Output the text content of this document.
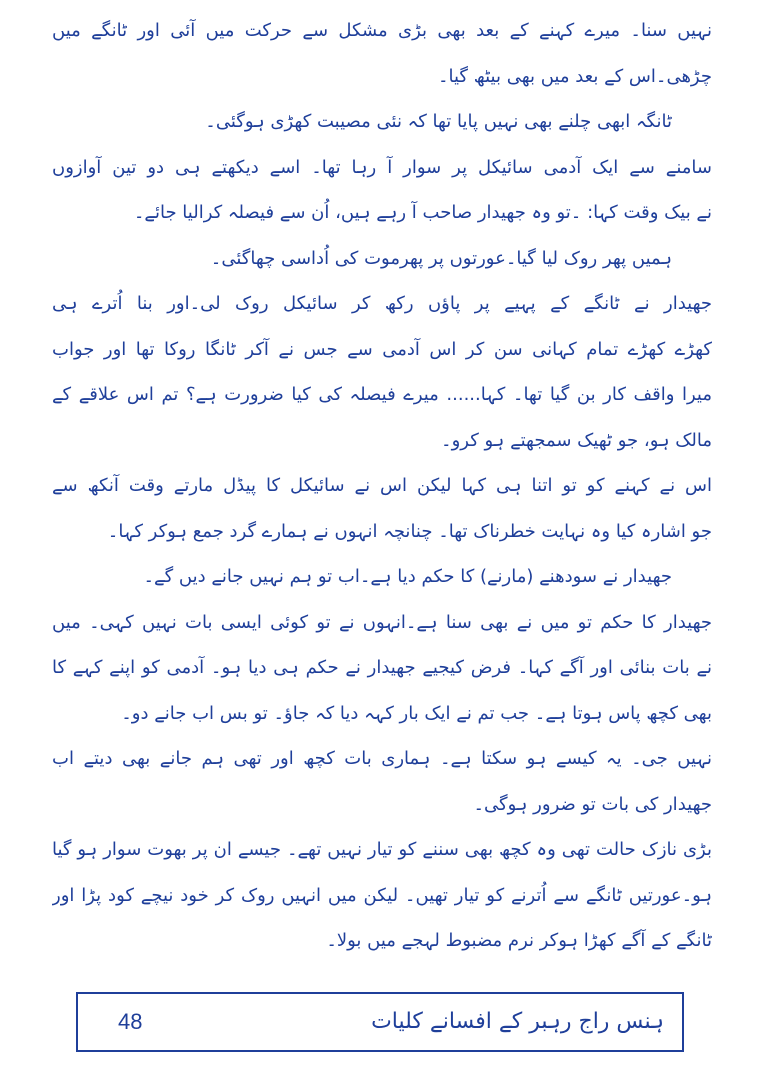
نہیں سنا۔ میرے کہنے کے بعد بھی بڑی مشکل سے حرکت میں آئی اور ٹانگے میں
چڑھی۔اس کے بعد میں بھی بیٹھ گیا۔
ٹانگہ ابھی چلنے بھی نہیں پایا تھا کہ نئی مصیبت کھڑی ہوگئی۔
سامنے سے ایک آدمی سائیکل پر سوار آ رہا تھا۔ اسے دیکھتے ہی دو تین آوازوں
نے بیک وقت کہا: ۔تو وہ جھیدار صاحب آ رہے ہیں، اُن سے فیصلہ کرالیا جائے۔
ہمیں پھر روک لیا گیا۔عورتوں پر پھرموت کی اُداسی چھاگئی۔
جھیدار نے ٹانگے کے پہیے پر پاؤں رکھ کر سائیکل روک لی۔اور بنا اُترے ہی
کھڑے کھڑے تمام کہانی سن کر اس آدمی سے جس نے آکر ٹانگا روکا تھا اور جواب
میرا واقف کار بن گیا تھا۔ کہا...... میرے فیصلہ کی کیا ضرورت ہے؟ تم اس علاقے کے
مالک ہو، جو ٹھیک سمجھتے ہو کرو۔
اس نے کہنے کو تو اتنا ہی کہا لیکن اس نے سائیکل کا پیڈل مارتے وقت آنکھ سے
جو اشارہ کیا وہ نہایت خطرناک تھا۔ چنانچہ انہوں نے ہمارے گرد جمع ہوکر کہا۔
جھیدار نے سودھنے (مارنے) کا حکم دیا ہے۔اب تو ہم نہیں جانے دیں گے۔
جھیدار کا حکم تو میں نے بھی سنا ہے۔انہوں نے تو کوئی ایسی بات نہیں کہی۔ میں
نے بات بنائی اور آگے کہا۔ فرض کیجیے جھیدار نے حکم ہی دیا ہو۔ آدمی کو اپنے کہے کا
بھی کچھ پاس ہوتا ہے۔ جب تم نے ایک بار کہہ دیا کہ جاؤ۔ تو بس اب جانے دو۔
نہیں جی۔ یہ کیسے ہو سکتا ہے۔ ہماری بات کچھ اور تھی ہم جانے بھی دیتے اب
جھیدار کی بات تو ضرور ہوگی۔
بڑی نازک حالت تھی وہ کچھ بھی سننے کو تیار نہیں تھے۔ جیسے ان پر بھوت سوار ہو گیا
ہو۔عورتیں ٹانگے سے اُترنے کو تیار تھیں۔ لیکن میں انہیں روک کر خود نیچے کود پڑا اور
ٹانگے کے آگے کھڑا ہوکر نرم مضبوط لہجے میں بولا۔
ہنس راج رہبر کے افسانے کلیات
48
